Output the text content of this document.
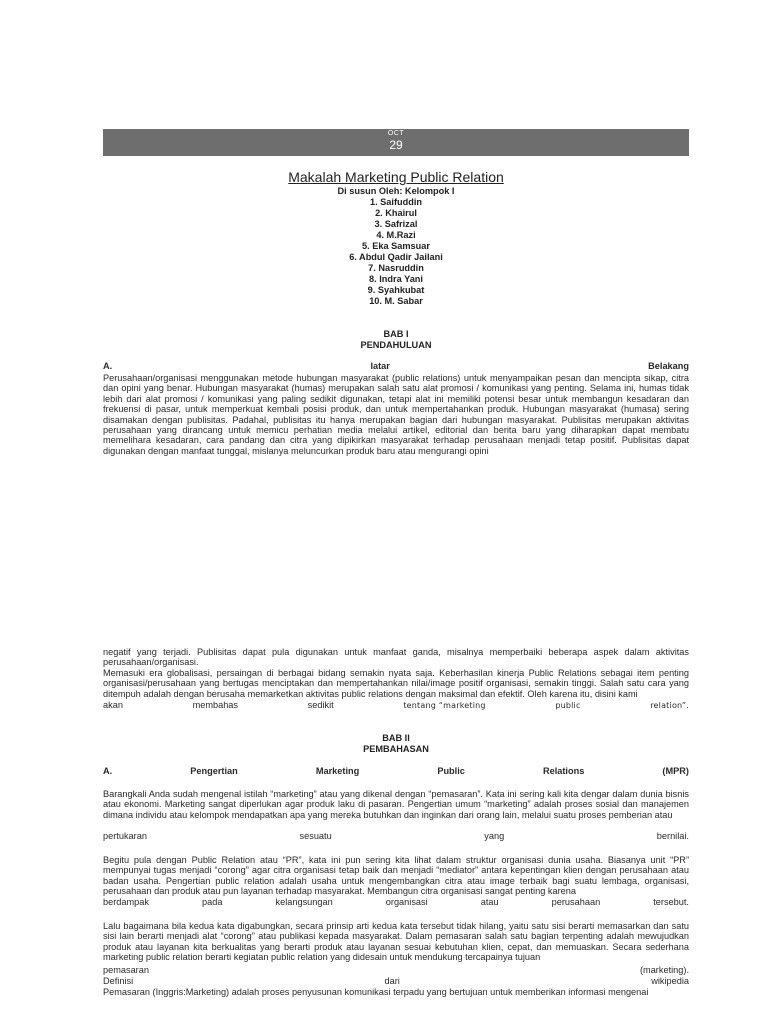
OCT
29
Makalah Marketing Public Relation
Di susun Oleh: Kelompok I
1. Saifuddin
2. Khairul
3. Safrizal
4. M.Razi
5. Eka Samsuar
6. Abdul Qadir Jailani
7. Nasruddin
8. Indra Yani
9. Syahkubat
10. M. Sabar
BAB I
PENDAHULUAN
A.	latar	Belakang
Perusahaan/organisasi menggunakan metode hubungan masyarakat (public relations) untuk menyampaikan pesan dan mencipta sikap, citra dan opini yang benar. Hubungan masyarakat (humas) merupakan salah satu alat promosi / komunikasi yang penting. Selama ini, humas tidak lebih dari alat promosi / komunikasi yang paling sedikit digunakan, tetapi alat ini memiliki potensi besar untuk membangun kesadaran dan frekuensi di pasar, untuk memperkuat kembali posisi produk, dan untuk mempertahankan produk. Hubungan masyarakat (humasa) sering disamakan dengan publisitas. Padahal, publisitas itu hanya merupakan bagian dari hubungan masyarakat. Publisitas merupakan aktivitas perusahaan yang dirancang untuk memicu perhatian media melalui artikel, editorial dan berita baru yang diharapkan dapat membatu memelihara kesadaran, cara pandang dan citra yang dipikirkan masyarakat terhadap perusahaan menjadi tetap positif. Publisitas dapat digunakan dengan manfaat tunggal, mislanya meluncurkan produk baru atau mengurangi opini
negatif yang terjadi. Publisitas dapat pula digunakan untuk manfaat ganda, misalnya memperbaiki beberapa aspek dalam aktivitas perusahaan/organisasi.
Memasuki era globalisasi, persaingan di berbagai bidang semakin nyata saja. Keberhasilan kinerja Public Relations sebagai item penting organisasi/perusahaan yang bertugas menciptakan dan mempertahankan nilai/image positif organisasi, semakin tinggi. Salah satu cara yang ditempuh adalah dengan berusaha memarketkan aktivitas public relations dengan maksimal dan efektif. Oleh karena itu, disini kami
akan	membahas	sedikit	tentang “marketing	public	relation”.
BAB II
PEMBAHASAN
A.	Pengertian	Marketing	Public	Relations	(MPR)
Barangkali Anda sudah mengenal istilah “marketing” atau yang dikenal dengan “pemasaran”. Kata ini sering kali kita dengar dalam dunia bisnis atau ekonomi. Marketing sangat diperlukan agar produk laku di pasaran. Pengertian umum “marketing” adalah proses sosial dan manajemen dimana individu atau kelompok mendapatkan apa yang mereka butuhkan dan inginkan dari orang lain, melalui suatu proses pemberian atau
pertukaran	sesuatu	yang	bernilai.
Begitu pula dengan Public Relation atau “PR”, kata ini pun sering kita lihat dalam struktur organisasi dunia usaha. Biasanya unit “PR” mempunyai tugas menjadi “corong” agar citra organisasi tetap baik dan menjadi “mediator” antara kepentingan klien dengan perusahaan atau badan usaha. Pengertian public relation adalah usaha untuk mengembangkan citra atau image terbaik bagi suatu lembaga, organisasi, perusahaan dan produk atau pun layanan terhadap masyarakat. Membangun citra organisasi sangat penting karena
berdampak	pada	kelangsungan	organisasi	atau	perusahaan	tersebut.
Lalu bagaimana bila kedua kata digabungkan, secara prinsip arti kedua kata tersebut tidak hilang, yaitu satu sisi berarti memasarkan dan satu sisi lain berarti menjadi alat “corong” atau publikasi kepada masyarakat. Dalam pemasaran salah satu bagian terpenting adalah mewujudkan produk atau layanan kita berkualitas yang berarti produk atau layanan sesuai kebutuhan klien, cepat, dan memuaskan. Secara sederhana marketing public relation berarti kegiatan public relation yang didesain untuk mendukung tercapainya tujuan
pemasaran	(marketing).
Definisi	dari	wikipedia
Pemasaran (Inggris:Marketing) adalah proses penyusunan komunikasi terpadu yang bertujuan untuk memberikan informasi mengenai
